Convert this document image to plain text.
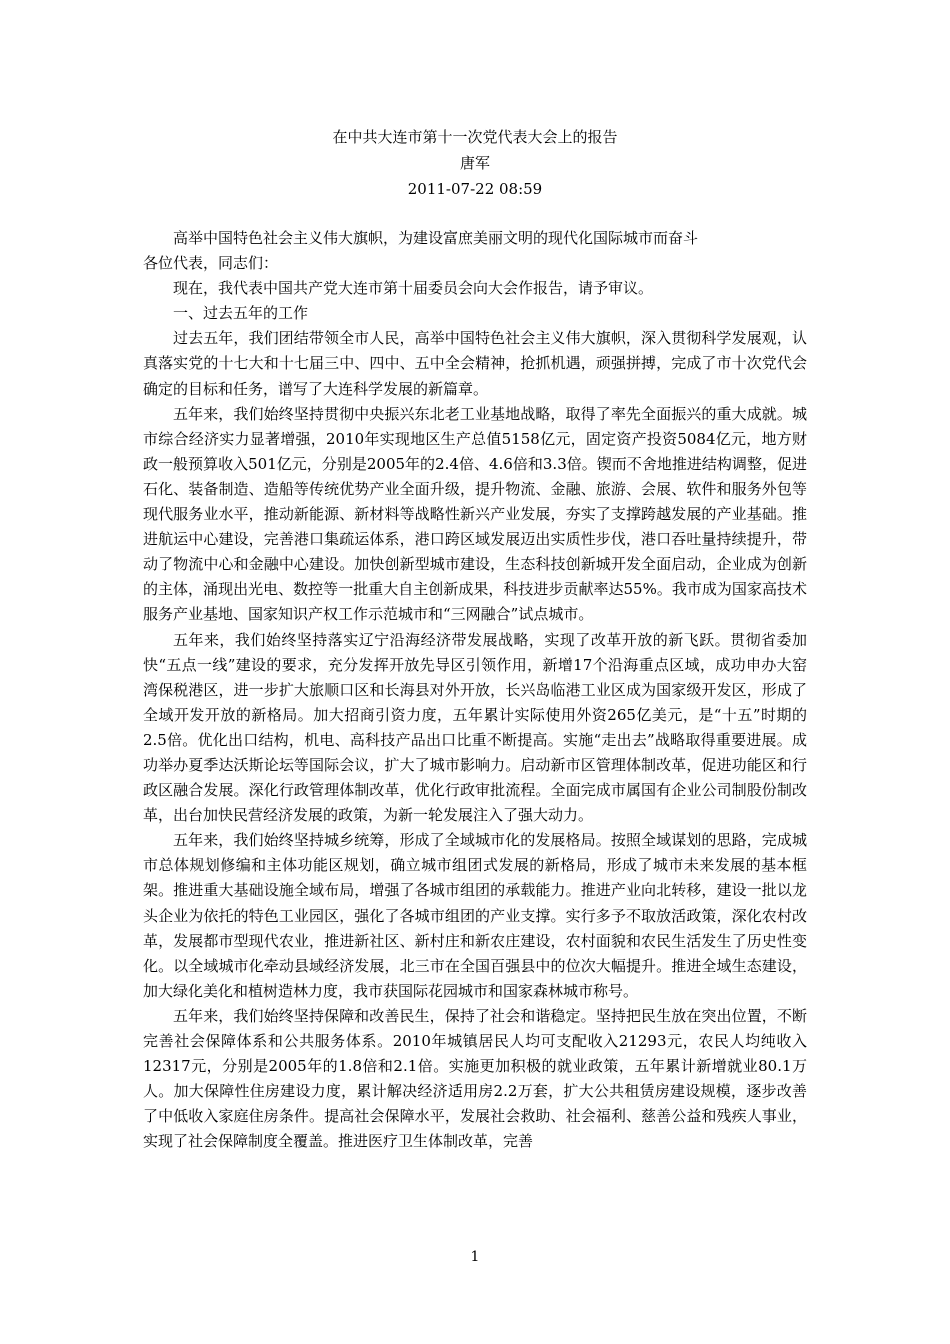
在中共大连市第十一次党代表大会上的报告
唐军
2011-07-22 08:59

高举中国特色社会主义伟大旗帜，为建设富庶美丽文明的现代化国际城市而奋斗

各位代表，同志们：

现在，我代表中国共产党大连市第十届委员会向大会作报告，请予审议。

一、过去五年的工作

过去五年，我们团结带领全市人民，高举中国特色社会主义伟大旗帜，深入贯彻科学发展观，认真落实党的十七大和十七届三中、四中、五中全会精神，抢抓机遇，顽强拼搏，完成了市十次党代会确定的目标和任务，谱写了大连科学发展的新篇章。

五年来，我们始终坚持贯彻中央振兴东北老工业基地战略，取得了率先全面振兴的重大成就。城市综合经济实力显著增强，2010年实现地区生产总值5158亿元，固定资产投资5084亿元，地方财政一般预算收入501亿元，分别是2005年的2.4倍、4.6倍和3.3倍。锲而不舍地推进结构调整，促进石化、装备制造、造船等传统优势产业全面升级，提升物流、金融、旅游、会展、软件和服务外包等现代服务业水平，推动新能源、新材料等战略性新兴产业发展，夯实了支撑跨越发展的产业基础。推进航运中心建设，完善港口集疏运体系，港口跨区域发展迈出实质性步伐，港口吞吐量持续提升，带动了物流中心和金融中心建设。加快创新型城市建设，生态科技创新城开发全面启动，企业成为创新的主体，涌现出光电、数控等一批重大自主创新成果，科技进步贡献率达55%。我市成为国家高技术服务产业基地、国家知识产权工作示范城市和“三网融合”试点城市。

五年来，我们始终坚持落实辽宁沿海经济带发展战略，实现了改革开放的新飞跃。贯彻省委加快“五点一线”建设的要求，充分发挥开放先导区引领作用，新增17个沿海重点区域，成功申办大窑湾保税港区，进一步扩大旅顺口区和长海县对外开放，长兴岛临港工业区成为国家级开发区，形成了全域开发开放的新格局。加大招商引资力度，五年累计实际使用外资265亿美元，是“十五”时期的2.5倍。优化出口结构，机电、高科技产品出口比重不断提高。实施“走出去”战略取得重要进展。成功举办夏季达沃斯论坛等国际会议，扩大了城市影响力。启动新市区管理体制改革，促进功能区和行政区融合发展。深化行政管理体制改革，优化行政审批流程。全面完成市属国有企业公司制股份制改革，出台加快民营经济发展的政策，为新一轮发展注入了强大动力。

五年来，我们始终坚持城乡统筹，形成了全域城市化的发展格局。按照全域谋划的思路，完成城市总体规划修编和主体功能区规划，确立城市组团式发展的新格局，形成了城市未来发展的基本框架。推进重大基础设施全域布局，增强了各城市组团的承载能力。推进产业向北转移，建设一批以龙头企业为依托的特色工业园区，强化了各城市组团的产业支撑。实行多予不取放活政策，深化农村改革，发展都市型现代农业，推进新社区、新村庄和新农庄建设，农村面貌和农民生活发生了历史性变化。以全域城市化牵动县域经济发展，北三市在全国百强县中的位次大幅提升。推进全域生态建设，加大绿化美化和植树造林力度，我市获国际花园城市和国家森林城市称号。

五年来，我们始终坚持保障和改善民生，保持了社会和谐稳定。坚持把民生放在突出位置，不断完善社会保障体系和公共服务体系。2010年城镇居民人均可支配收入21293元，农民人均纯收入12317元，分别是2005年的1.8倍和2.1倍。实施更加积极的就业政策，五年累计新增就业80.1万人。加大保障性住房建设力度，累计解决经济适用房2.2万套，扩大公共租赁房建设规模，逐步改善了中低收入家庭住房条件。提高社会保障水平，发展社会救助、社会福利、慈善公益和残疾人事业，实现了社会保障制度全覆盖。推进医疗卫生体制改革，完善

1
